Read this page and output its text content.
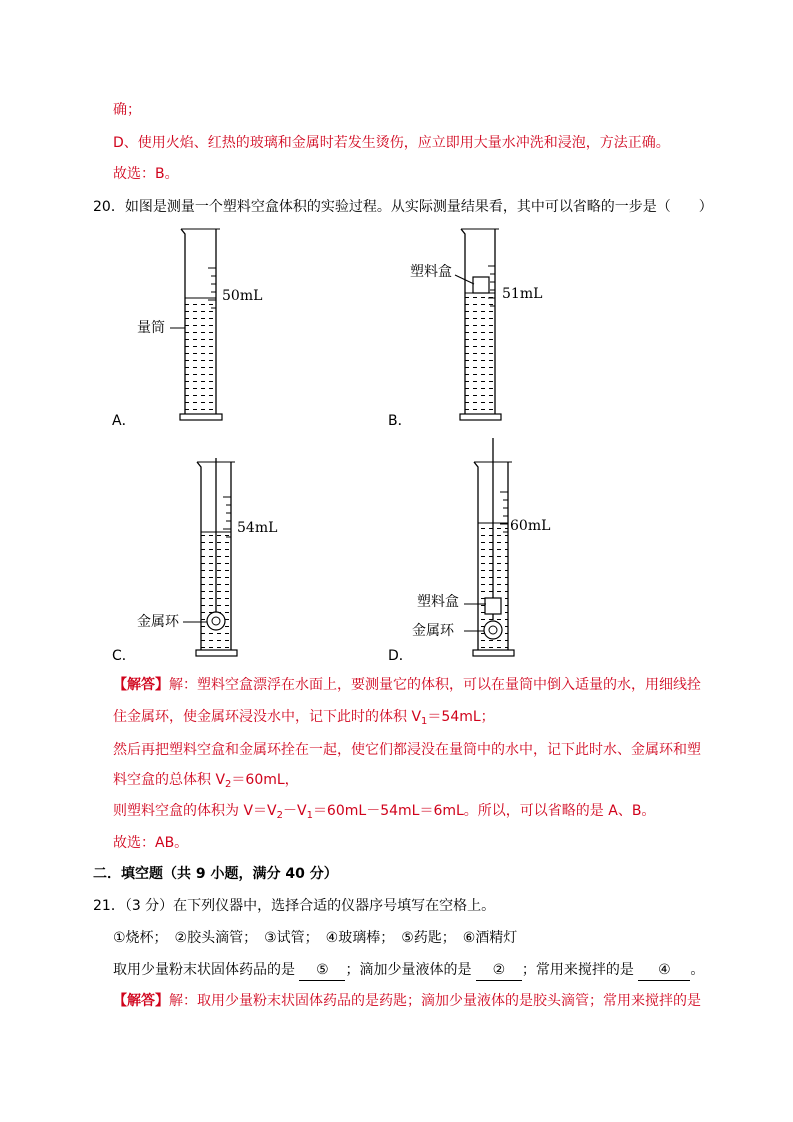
确；
D、使用火焰、红热的玻璃和金属时若发生烫伤，应立即用大量水冲洗和浸泡，方法正确。
故选：B。
20．如图是测量一个塑料空盒体积的实验过程。从实际测量结果看，其中可以省略的一步是（　　）
50mL
量筒
A．
塑料盒
51mL
B．
54mL
金属环
C．
60mL
塑料盒
金属环
D．
【解答】解：塑料空盒漂浮在水面上，要测量它的体积，可以在量筒中倒入适量的水，用细线拴
住金属环，使金属环浸没水中，记下此时的体积 $V_1=54mL$；
然后再把塑料空盒和金属环拴在一起，使它们都浸没在量筒中的水中，记下此时水、金属环和塑
料空盒的总体积 $V_2=60mL$，
则塑料空盒的体积为 $V=V_2-V_1=60mL-54mL=6mL$。所以，可以省略的是 A、B。
故选：AB。
二．填空题（共 9 小题，满分 40 分）
21．（3 分）在下列仪器中，选择合适的仪器序号填写在空格上。
①烧杯；　②胶头滴管；　③试管；　④玻璃棒；　⑤药匙；　⑥酒精灯
取用少量粉末状固体药品的是 ⑤ ；滴加少量液体的是 ② ；常用来搅拌的是 ④ 。
【解答】解：取用少量粉末状固体药品的是药匙；滴加少量液体的是胶头滴管；常用来搅拌的是
